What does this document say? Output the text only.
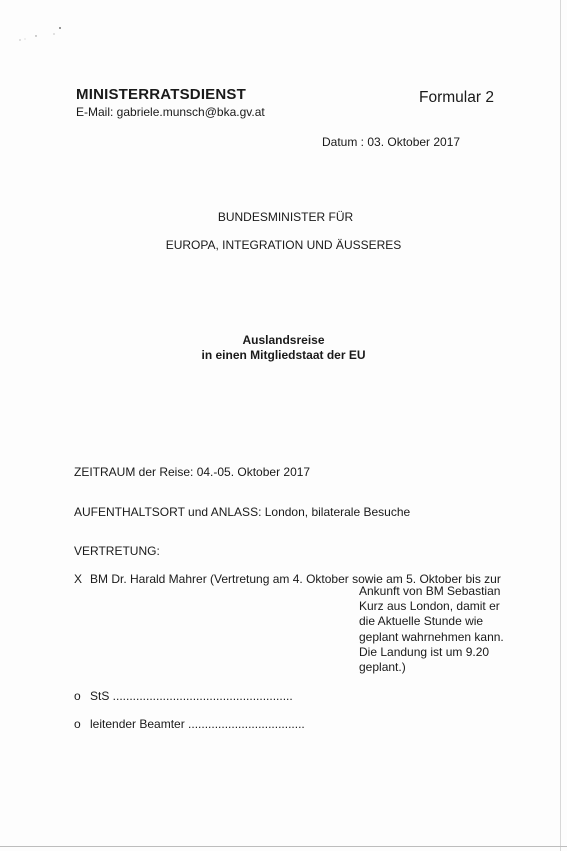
MINISTERRATSDIENST
E-Mail: gabriele.munsch@bka.gv.at
Formular 2
Datum : 03. Oktober 2017
BUNDESMINISTER FÜR
EUROPA, INTEGRATION UND ÄUSSERES
Auslandsreise
in einen Mitgliedstaat der EU
ZEITRAUM der Reise: 04.-05. Oktober 2017
AUFENTHALTSORT und ANLASS: London, bilaterale Besuche
VERTRETUNG:
X BM Dr. Harald Mahrer (Vertretung am 4. Oktober sowie am 5. Oktober bis zur
Ankunft von BM Sebastian Kurz aus London, damit er die Aktuelle Stunde wie geplant wahrnehmen kann. Die Landung ist um 9.20 geplant.)
o StS ......................................................
o leitender Beamter ...................................
